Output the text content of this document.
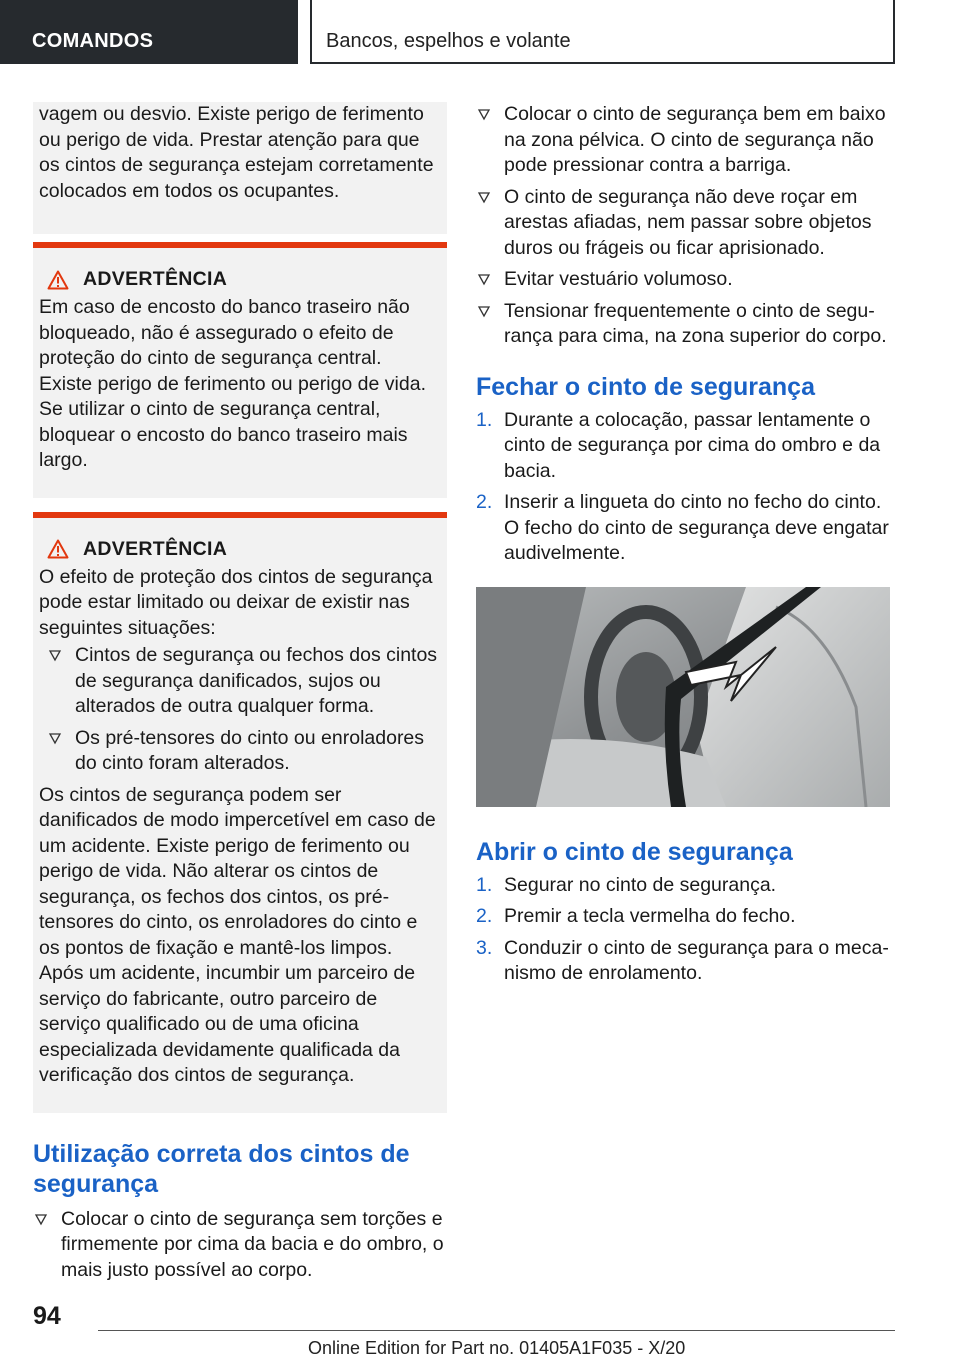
COMANDOS	Bancos, espelhos e volante

vagem ou desvio. Existe perigo de ferimento ou perigo de vida. Prestar atenção para que os cintos de segurança estejam corretamente colocados em todos os ocupantes.

ADVERTÊNCIA

Em caso de encosto do banco traseiro não bloqueado, não é assegurado o efeito de proteção do cinto de segurança central. Existe perigo de ferimento ou perigo de vida. Se utilizar o cinto de segurança central, bloquear o encosto do banco traseiro mais largo.

ADVERTÊNCIA

O efeito de proteção dos cintos de segurança pode estar limitado ou deixar de existir nas seguintes situações:

Cintos de segurança ou fechos dos cintos de segurança danificados, sujos ou alterados de outra qualquer forma.
Os pré-tensores do cinto ou enroladores do cinto foram alterados.

Os cintos de segurança podem ser danificados de modo impercetível em caso de um acidente. Existe perigo de ferimento ou perigo de vida. Não alterar os cintos de segurança, os fechos dos cintos, os pré-tensores do cinto, os enroladores do cinto e os pontos de fixação e mantê-los limpos. Após um acidente, incumbir um parceiro de serviço do fabricante, outro parceiro de serviço qualificado ou de uma oficina especializada devidamente qualificada da verificação dos cintos de segurança.

Utilização correta dos cintos de segurança
Colocar o cinto de segurança sem torções e firmemente por cima da bacia e do ombro, o mais justo possível ao corpo.
Colocar o cinto de segurança bem em baixo na zona pélvica. O cinto de segurança não pode pressionar contra a barriga.
O cinto de segurança não deve roçar em arestas afiadas, nem passar sobre objetos duros ou frágeis ou ficar aprisionado.
Evitar vestuário volumoso.
Tensionar frequentemente o cinto de segurança para cima, na zona superior do corpo.
Fechar o cinto de segurança
1. Durante a colocação, passar lentamente o cinto de segurança por cima do ombro e da bacia.
2. Inserir a lingueta do cinto no fecho do cinto. O fecho do cinto de segurança deve engatar audivelmente.
Abrir o cinto de segurança
1. Segurar no cinto de segurança.
2. Premir a tecla vermelha do fecho.
3. Conduzir o cinto de segurança para o mecanismo de enrolamento.
94
Online Edition for Part no. 01405A1F035 - X/20
